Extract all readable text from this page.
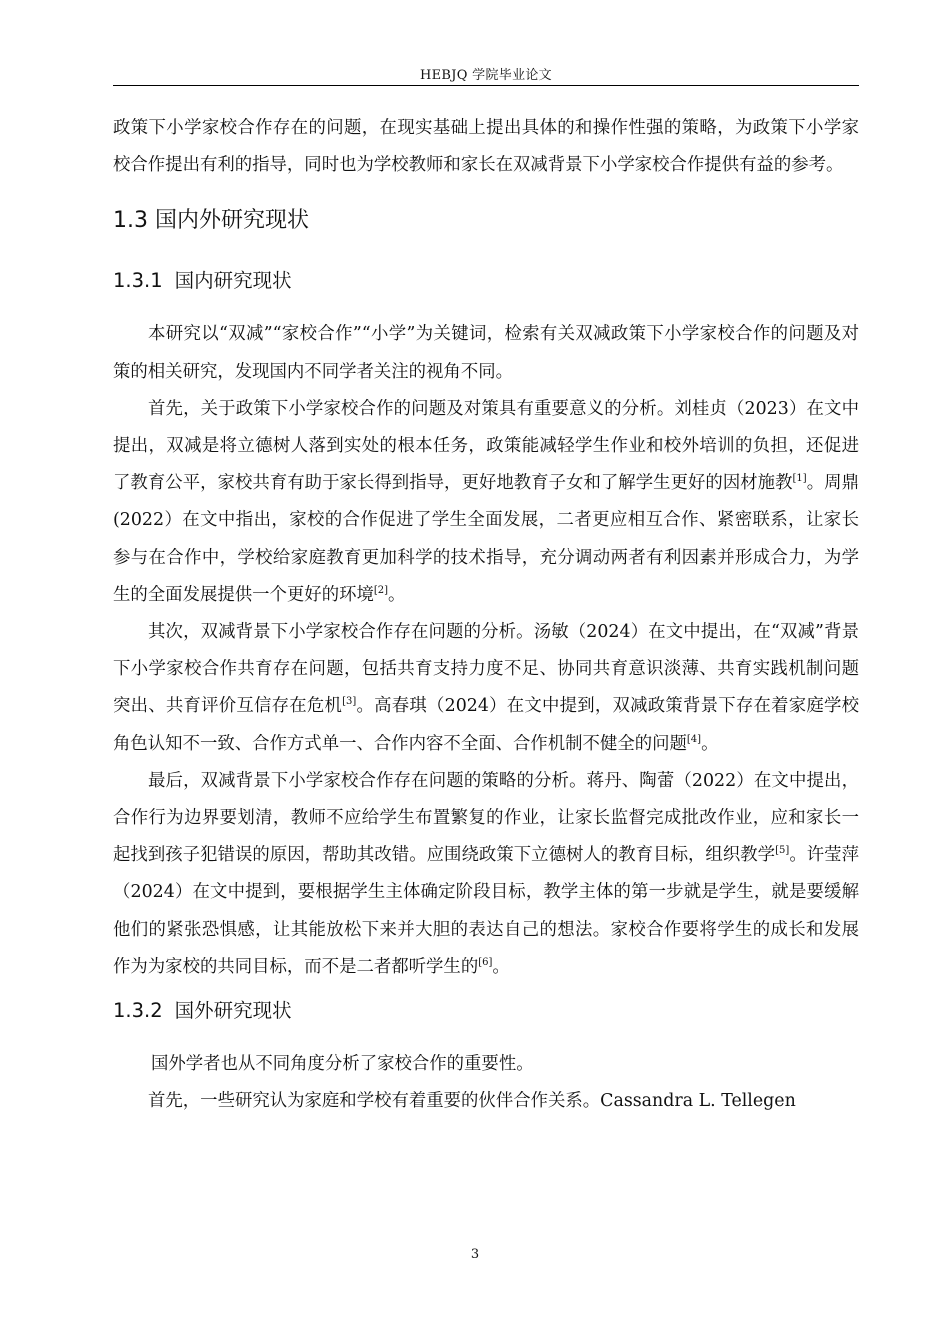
HEBJQ 学院毕业论文

政策下小学家校合作存在的问题，在现实基础上提出具体的和操作性强的策略，为政策下小学家校合作提出有利的指导，同时也为学校教师和家长在双减背景下小学家校合作提供有益的参考。

1.3 国内外研究现状
1.3.1 国内研究现状

本研究以“双减”“家校合作”“小学”为关键词，检索有关双减政策下小学家校合作的问题及对策的相关研究，发现国内不同学者关注的视角不同。

首先，关于政策下小学家校合作的问题及对策具有重要意义的分析。刘桂贞（2023）在文中提出，双减是将立德树人落到实处的根本任务，政策能减轻学生作业和校外培训的负担，还促进了教育公平，家校共育有助于家长得到指导，更好地教育子女和了解学生更好的因材施教[1]。周鼎(2022）在文中指出，家校的合作促进了学生全面发展，二者更应相互合作、紧密联系，让家长参与在合作中，学校给家庭教育更加科学的技术指导，充分调动两者有利因素并形成合力，为学生的全面发展提供一个更好的环境[2]。

其次，双减背景下小学家校合作存在问题的分析。汤敏（2024）在文中提出，在“双减”背景下小学家校合作共育存在问题，包括共育支持力度不足、协同共育意识淡薄、共育实践机制问题突出、共育评价互信存在危机[3]。高春琪（2024）在文中提到，双减政策背景下存在着家庭学校角色认知不一致、合作方式单一、合作内容不全面、合作机制不健全的问题[4]。

最后，双减背景下小学家校合作存在问题的策略的分析。蒋丹、陶蕾（2022）在文中提出，合作行为边界要划清，教师不应给学生布置繁复的作业，让家长监督完成批改作业，应和家长一起找到孩子犯错误的原因，帮助其改错。应围绕政策下立德树人的教育目标，组织教学[5]。许莹萍（2024）在文中提到，要根据学生主体确定阶段目标，教学主体的第一步就是学生，就是要缓解他们的紧张恐惧感，让其能放松下来并大胆的表达自己的想法。家校合作要将学生的成长和发展作为为家校的共同目标，而不是二者都听学生的[6]。

1.3.2 国外研究现状

国外学者也从不同角度分析了家校合作的重要性。

首先，一些研究认为家庭和学校有着重要的伙伴合作关系。Cassandra L. Tellegen

3
